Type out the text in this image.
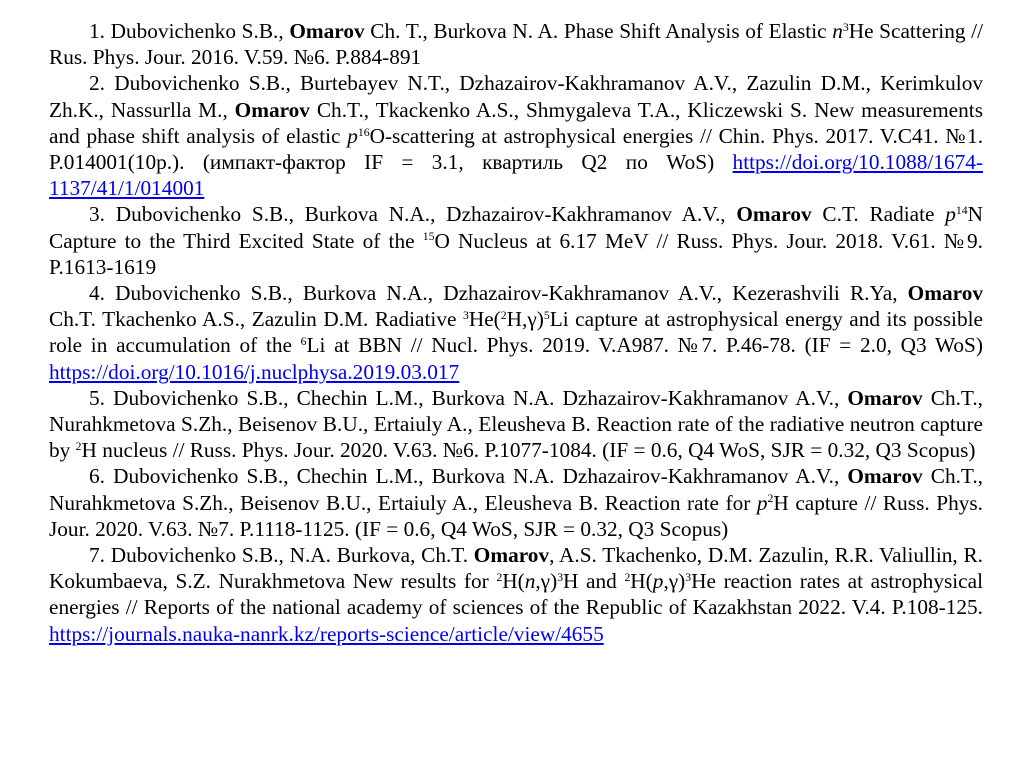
1. Dubovichenko S.B., Omarov Ch. T., Burkova N. A. Phase Shift Analysis of Elastic $n^3He$ Scattering // Rus. Phys. Jour. 2016. V.59. №6. P.884-891

2. Dubovichenko S.B., Burtebayev N.T., Dzhazairov-Kakhramanov A.V., Zazulin D.M., Kerimkulov Zh.K., Nassurlla M., Omarov Ch.T., Tkackenko A.S., Shmygaleva T.A., Kliczewski S. New measurements and phase shift analysis of elastic $p^{16}O$-scattering at astrophysical energies // Chin. Phys. 2017. V.C41. №1. P.014001(10p.). (импакт-фактор IF = 3.1, квартиль Q2 по WoS) https://doi.org/10.1088/1674-1137/41/1/014001

3. Dubovichenko S.B., Burkova N.A., Dzhazairov-Kakhramanov A.V., Omarov C.T. Radiate $p^{14}N$ Capture to the Third Excited State of the $^{15}$O Nucleus at 6.17 MeV // Russ. Phys. Jour. 2018. V.61. №9. P.1613-1619

4. Dubovichenko S.B., Burkova N.A., Dzhazairov-Kakhramanov A.V., Kezerashvili R.Ya, Omarov Ch.T. Tkachenko A.S., Zazulin D.M. Radiative $^3He(^2H,\gamma)^5Li$ capture at astrophysical energy and its possible role in accumulation of the $^6$Li at BBN // Nucl. Phys. 2019. V.A987. №7. P.46-78. (IF = 2.0, Q3 WoS) https://doi.org/10.1016/j.nuclphysa.2019.03.017

5. Dubovichenko S.B., Chechin L.M., Burkova N.A. Dzhazairov-Kakhramanov A.V., Omarov Ch.T., Nurahkmetova S.Zh., Beisenov B.U., Ertaiuly A., Eleusheva B. Reaction rate of the radiative neutron capture by $^2$H nucleus // Russ. Phys. Jour. 2020. V.63. №6. P.1077-1084. (IF = 0.6, Q4 WoS, SJR = 0.32, Q3 Scopus)

6. Dubovichenko S.B., Chechin L.M., Burkova N.A. Dzhazairov-Kakhramanov A.V., Omarov Ch.T., Nurahkmetova S.Zh., Beisenov B.U., Ertaiuly A., Eleusheva B. Reaction rate for $p^2H$ capture // Russ. Phys. Jour. 2020. V.63. №7. P.1118-1125. (IF = 0.6, Q4 WoS, SJR = 0.32, Q3 Scopus)

7. Dubovichenko S.B., N.A. Burkova, Ch.T. Omarov, A.S. Tkachenko, D.M. Zazulin, R.R. Valiullin, R. Kokumbaeva, S.Z. Nurakhmetova New results for $^2H(n,\gamma)^3H$ and $^2H(p,\gamma)^3He$ reaction rates at astrophysical energies // Reports of the national academy of sciences of the Republic of Kazakhstan 2022. V.4. P.108-125.

https://journals.nauka-nanrk.kz/reports-science/article/view/4655
